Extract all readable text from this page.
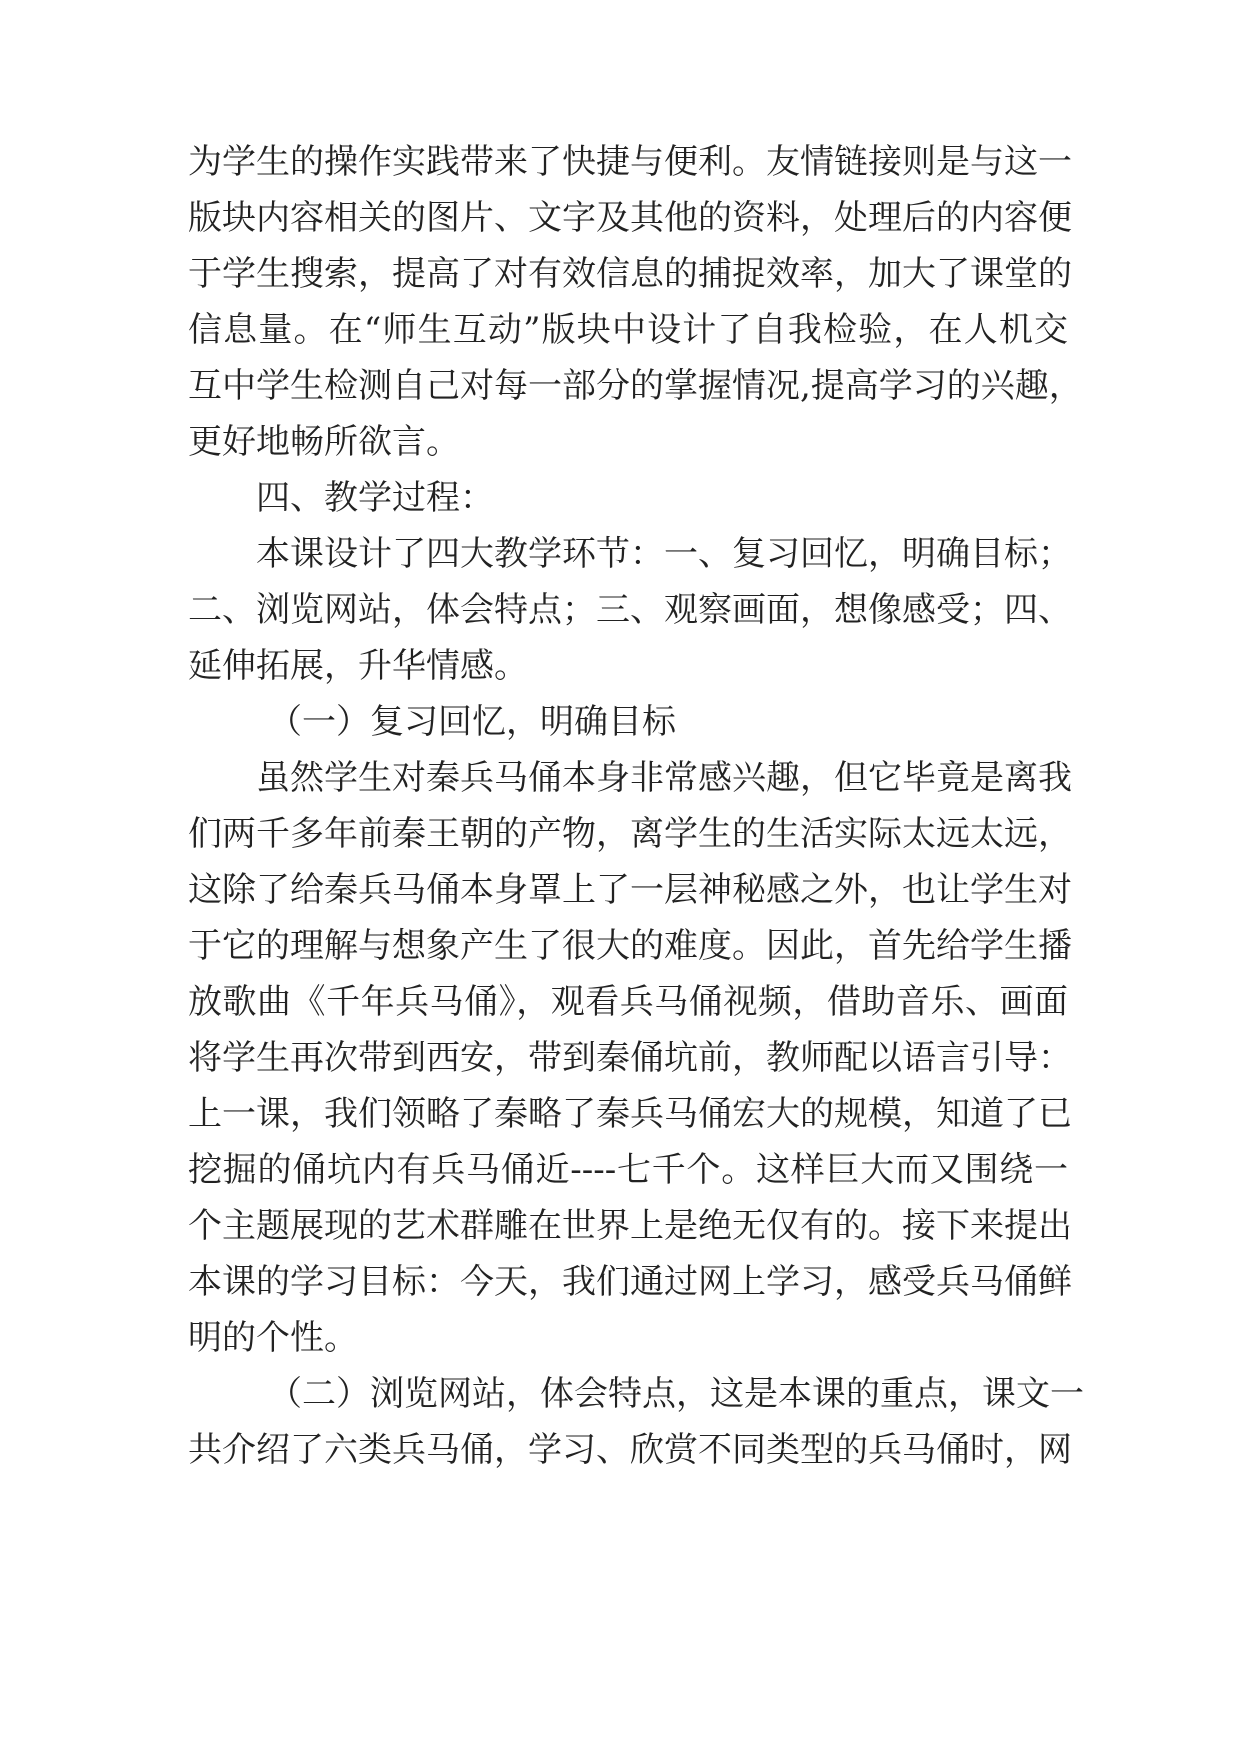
为学生的操作实践带来了快捷与便利。友情链接则是与这一
版块内容相关的图片、文字及其他的资料，处理后的内容便
于学生搜索，提高了对有效信息的捕捉效率，加大了课堂的
信息量。在“师生互动”版块中设计了自我检验，在人机交
互中学生检测自己对每一部分的掌握情况,提高学习的兴趣，
更好地畅所欲言。
四、教学过程：
本课设计了四大教学环节：一、复习回忆，明确目标；
二、浏览网站，体会特点；三、观察画面，想像感受；四、
延伸拓展，升华情感。
（一）复习回忆，明确目标
虽然学生对秦兵马俑本身非常感兴趣，但它毕竟是离我
们两千多年前秦王朝的产物，离学生的生活实际太远太远，
这除了给秦兵马俑本身罩上了一层神秘感之外，也让学生对
于它的理解与想象产生了很大的难度。因此，首先给学生播
放歌曲《千年兵马俑》，观看兵马俑视频，借助音乐、画面
将学生再次带到西安，带到秦俑坑前，教师配以语言引导：
上一课，我们领略了秦略了秦兵马俑宏大的规模，知道了已
挖掘的俑坑内有兵马俑近----七千个。这样巨大而又围绕一
个主题展现的艺术群雕在世界上是绝无仅有的。接下来提出
本课的学习目标：今天，我们通过网上学习，感受兵马俑鲜
明的个性。
（二）浏览网站，体会特点，这是本课的重点，课文一
共介绍了六类兵马俑，学习、欣赏不同类型的兵马俑时，网
